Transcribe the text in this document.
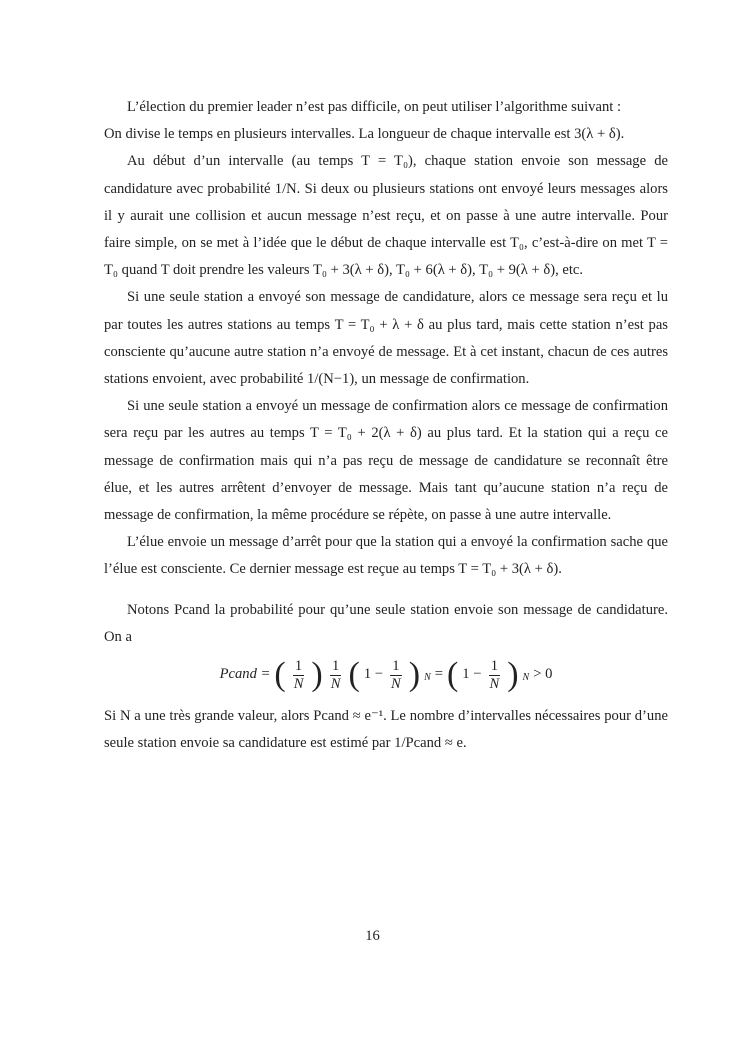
L’élection du premier leader n’est pas difficile, on peut utiliser l’algorithme suivant :

On divise le temps en plusieurs intervalles. La longueur de chaque intervalle est 3(λ + δ).

Au début d’un intervalle (au temps T = T₀), chaque station envoie son message de candidature avec probabilité 1/N. Si deux ou plusieurs stations ont envoyé leurs messages alors il y aurait une collision et aucun message n’est reçu, et on passe à une autre intervalle. Pour faire simple, on se met à l’idée que le début de chaque intervalle est T₀, c’est-à-dire on met T = T₀ quand T doit prendre les valeurs T₀ + 3(λ + δ), T₀ + 6(λ + δ), T₀ + 9(λ + δ), etc.

Si une seule station a envoyé son message de candidature, alors ce message sera reçu et lu par toutes les autres stations au temps T = T₀ + λ + δ au plus tard, mais cette station n’est pas consciente qu’aucune autre station n’a envoyé de message. Et à cet instant, chacun de ces autres stations envoient, avec probabilité 1/(N−1), un message de confirmation.

Si une seule station a envoyé un message de confirmation alors ce message de confirmation sera reçu par les autres au temps T = T₀ + 2(λ + δ) au plus tard. Et la station qui a reçu ce message de confirmation mais qui n’a pas reçu de message de candidature se reconnaît être élue, et les autres arrêtent d’envoyer de message. Mais tant qu’aucune station n’a reçu de message de confirmation, la même procédure se répète, on passe à une autre intervalle.

L’élue envoie un message d’arrêt pour que la station qui a envoyé la confirmation sache que l’élue est consciente. Ce dernier message est reçue au temps T = T₀ + 3(λ + δ).

Notons Pcand la probabilité pour qu’une seule station envoie son message de candidature. On a

Pcand = ( $\frac{1}{N}$ ) $\frac{1}{N}$ ( $1 - \frac{1}{N}$ ) N = ( $1 - \frac{1}{N}$ ) N > 0

Si N a une très grande valeur, alors Pcand ≈ e⁻¹. Le nombre d’intervalles nécessaires pour d’une seule station envoie sa candidature est estimé par 1/Pcand ≈ e.

16
